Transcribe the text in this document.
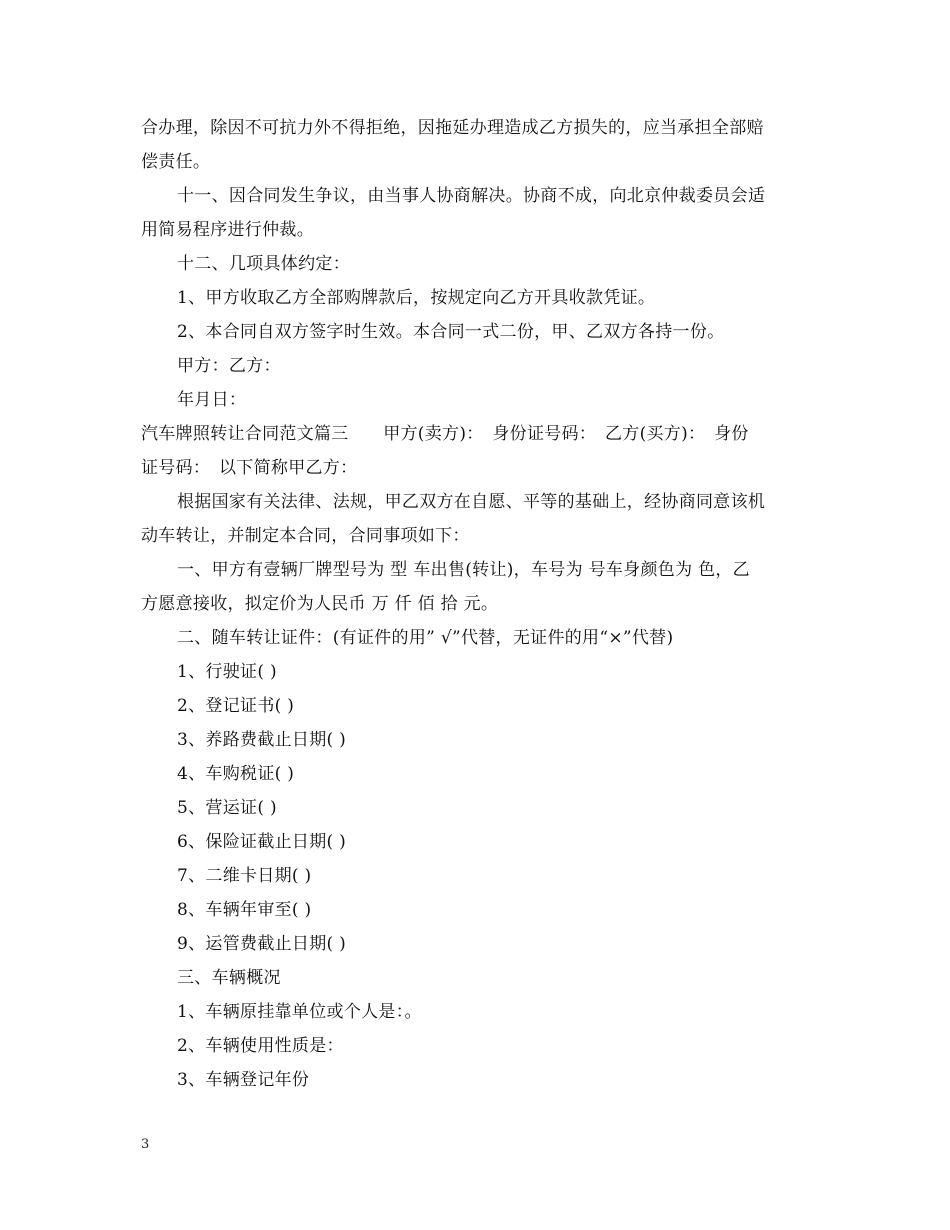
合办理，除因不可抗力外不得拒绝，因拖延办理造成乙方损失的，应当承担全部赔
偿责任。
十一、因合同发生争议，由当事人协商解决。协商不成，向北京仲裁委员会适
用简易程序进行仲裁。
十二、几项具体约定：
1、甲方收取乙方全部购牌款后，按规定向乙方开具收款凭证。
2、本合同自双方签字时生效。本合同一式二份，甲、乙双方各持一份。
甲方：乙方：
年月日：
汽车牌照转让合同范文篇三　　甲方(卖方)：　身份证号码：　乙方(买方)：　身份
证号码：　以下简称甲乙方：
根据国家有关法律、法规，甲乙双方在自愿、平等的基础上，经协商同意该机
动车转让，并制定本合同，合同事项如下：
一、甲方有壹辆厂牌型号为 型 车出售(转让)，车号为 号车身颜色为 色，乙
方愿意接收，拟定价为人民币 万 仟 佰 拾 元。
二、随车转让证件：(有证件的用” √”代替，无证件的用“×”代替)
1、行驶证( )
2、登记证书( )
3、养路费截止日期( )
4、车购税证( )
5、营运证( )
6、保险证截止日期( )
7、二维卡日期( )
8、车辆年审至( )
9、运管费截止日期( )
三、车辆概况
1、车辆原挂靠单位或个人是：。
2、车辆使用性质是：
3、车辆登记年份
3
